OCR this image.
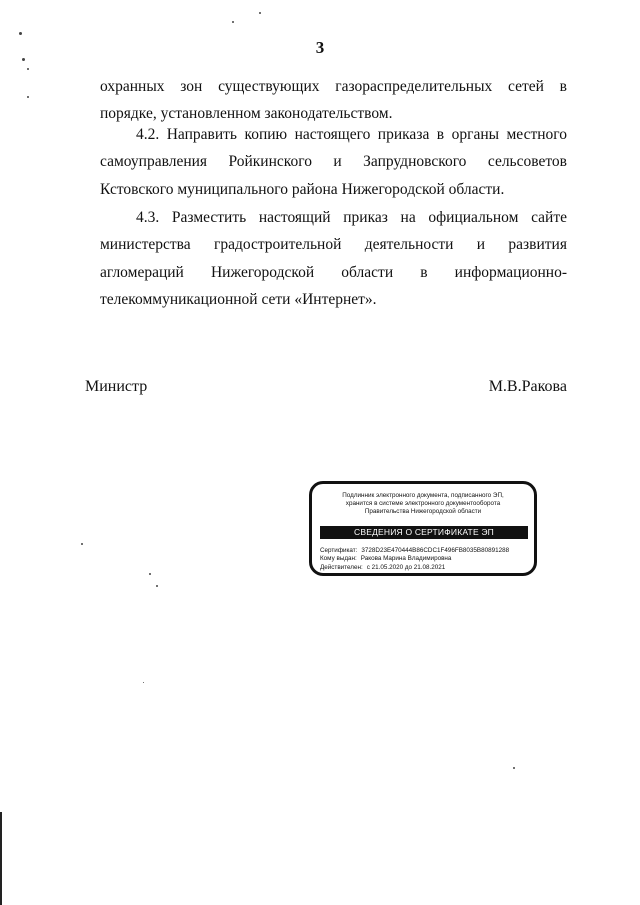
3
охранных зон существующих газораспределительных сетей в порядке, установленном законодательством.
4.2. Направить копию настоящего приказа в органы местного самоуправления Ройкинского и Запрудновского сельсоветов Кстовского муниципального района Нижегородской области.
4.3. Разместить настоящий приказ на официальном сайте министерства градостроительной деятельности и развития агломераций Нижегородской области в информационно-телекоммуникационной сети «Интернет».
Министр	М.В.Ракова
Подлинник электронного документа, подписанного ЭП,
хранится в системе электронного документооборота
Правительства Нижегородской области
СВЕДЕНИЯ О СЕРТИФИКАТЕ ЭП
Сертификат: 3728D23E470444B86CDC1F496FB8035B80891288
Кому выдан: Ракова Марина Владимировна
Действителен: с 21.05.2020 до 21.08.2021
